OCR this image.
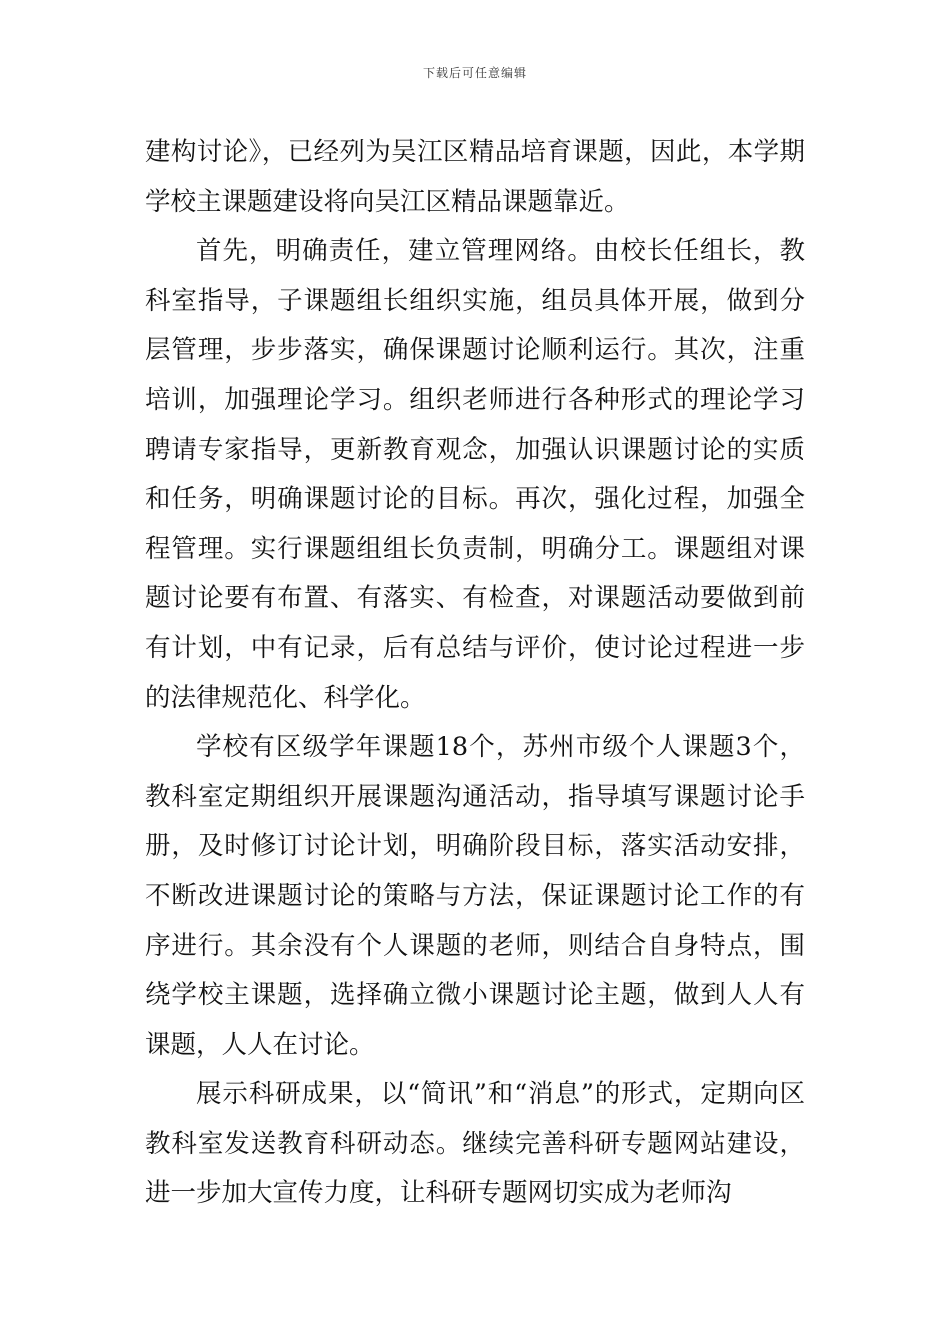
下载后可任意编辑

建构讨论》，已经列为吴江区精品培育课题，因此，本学期学校主课题建设将向吴江区精品课题靠近。

首先，明确责任，建立管理网络。由校长任组长，教科室指导，子课题组长组织实施，组员具体开展，做到分层管理，步步落实，确保课题讨论顺利运行。其次，注重培训，加强理论学习。组织老师进行各种形式的理论学习聘请专家指导，更新教育观念，加强认识课题讨论的实质和任务，明确课题讨论的目标。再次，强化过程，加强全程管理。实行课题组组长负责制，明确分工。课题组对课题讨论要有布置、有落实、有检查，对课题活动要做到前有计划，中有记录，后有总结与评价，使讨论过程进一步的法律规范化、科学化。

学校有区级学年课题18个，苏州市级个人课题3个，教科室定期组织开展课题沟通活动，指导填写课题讨论手册，及时修订讨论计划，明确阶段目标，落实活动安排，不断改进课题讨论的策略与方法，保证课题讨论工作的有序进行。其余没有个人课题的老师，则结合自身特点，围绕学校主课题，选择确立微小课题讨论主题，做到人人有课题，人人在讨论。

展示科研成果，以“简讯”和“消息”的形式，定期向区教科室发送教育科研动态。继续完善科研专题网站建设，进一步加大宣传力度，让科研专题网切实成为老师沟
